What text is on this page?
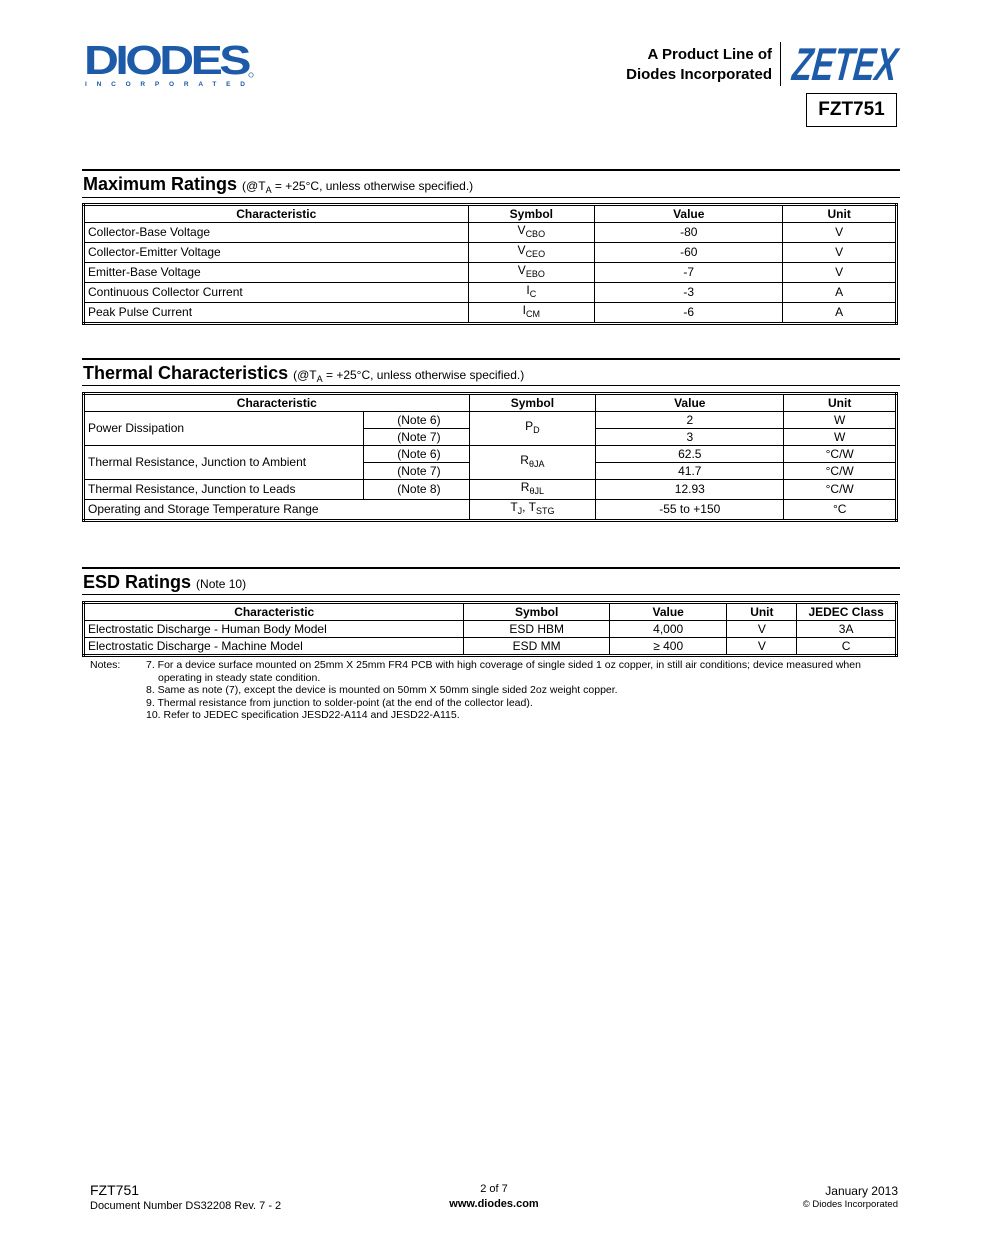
DIODES
INCORPORATED
A Product Line of
Diodes Incorporated ZETEX
FZT751
Maximum Ratings ($@T_A = +25^\circ C$, unless otherwise specified.)
Characteristic	Symbol	Value	Unit
Collector-Base Voltage	$V_{CBO}$	-80	V
Collector-Emitter Voltage	$V_{CEO}$	-60	V
Emitter-Base Voltage	$V_{EBO}$	-7	V
Continuous Collector Current	$I_C$	-3	A
Peak Pulse Current	$I_{CM}$	-6	A
Thermal Characteristics ($@T_A = +25^\circ C$, unless otherwise specified.)
Characteristic		Symbol	Value	Unit
Power Dissipation	(Note 6)	$P_D$	2	W
	(Note 7)		3	W
Thermal Resistance, Junction to Ambient	(Note 6)	$R_{\theta JA}$	62.5	°C/W
	(Note 7)		41.7	°C/W
Thermal Resistance, Junction to Leads	(Note 8)	$R_{\theta JL}$	12.93	°C/W
Operating and Storage Temperature Range		$T_J$, $T_{STG}$	-55 to +150	°C
ESD Ratings (Note 10)
Characteristic	Symbol	Value	Unit	JEDEC Class
Electrostatic Discharge - Human Body Model	ESD HBM	4,000	V	3A
Electrostatic Discharge - Machine Model	ESD MM	≥ 400	V	C
Notes: 7. For a device surface mounted on 25mm X 25mm FR4 PCB with high coverage of single sided 1 oz copper, in still air conditions; device measured when operating in steady state condition.
8. Same as note (7), except the device is mounted on 50mm X 50mm single sided 2oz weight copper.
9. Thermal resistance from junction to solder-point (at the end of the collector lead).
10. Refer to JEDEC specification JESD22-A114 and JESD22-A115.
FZT751
Document Number DS32208 Rev. 7 - 2
2 of 7
www.diodes.com
January 2013
© Diodes Incorporated
